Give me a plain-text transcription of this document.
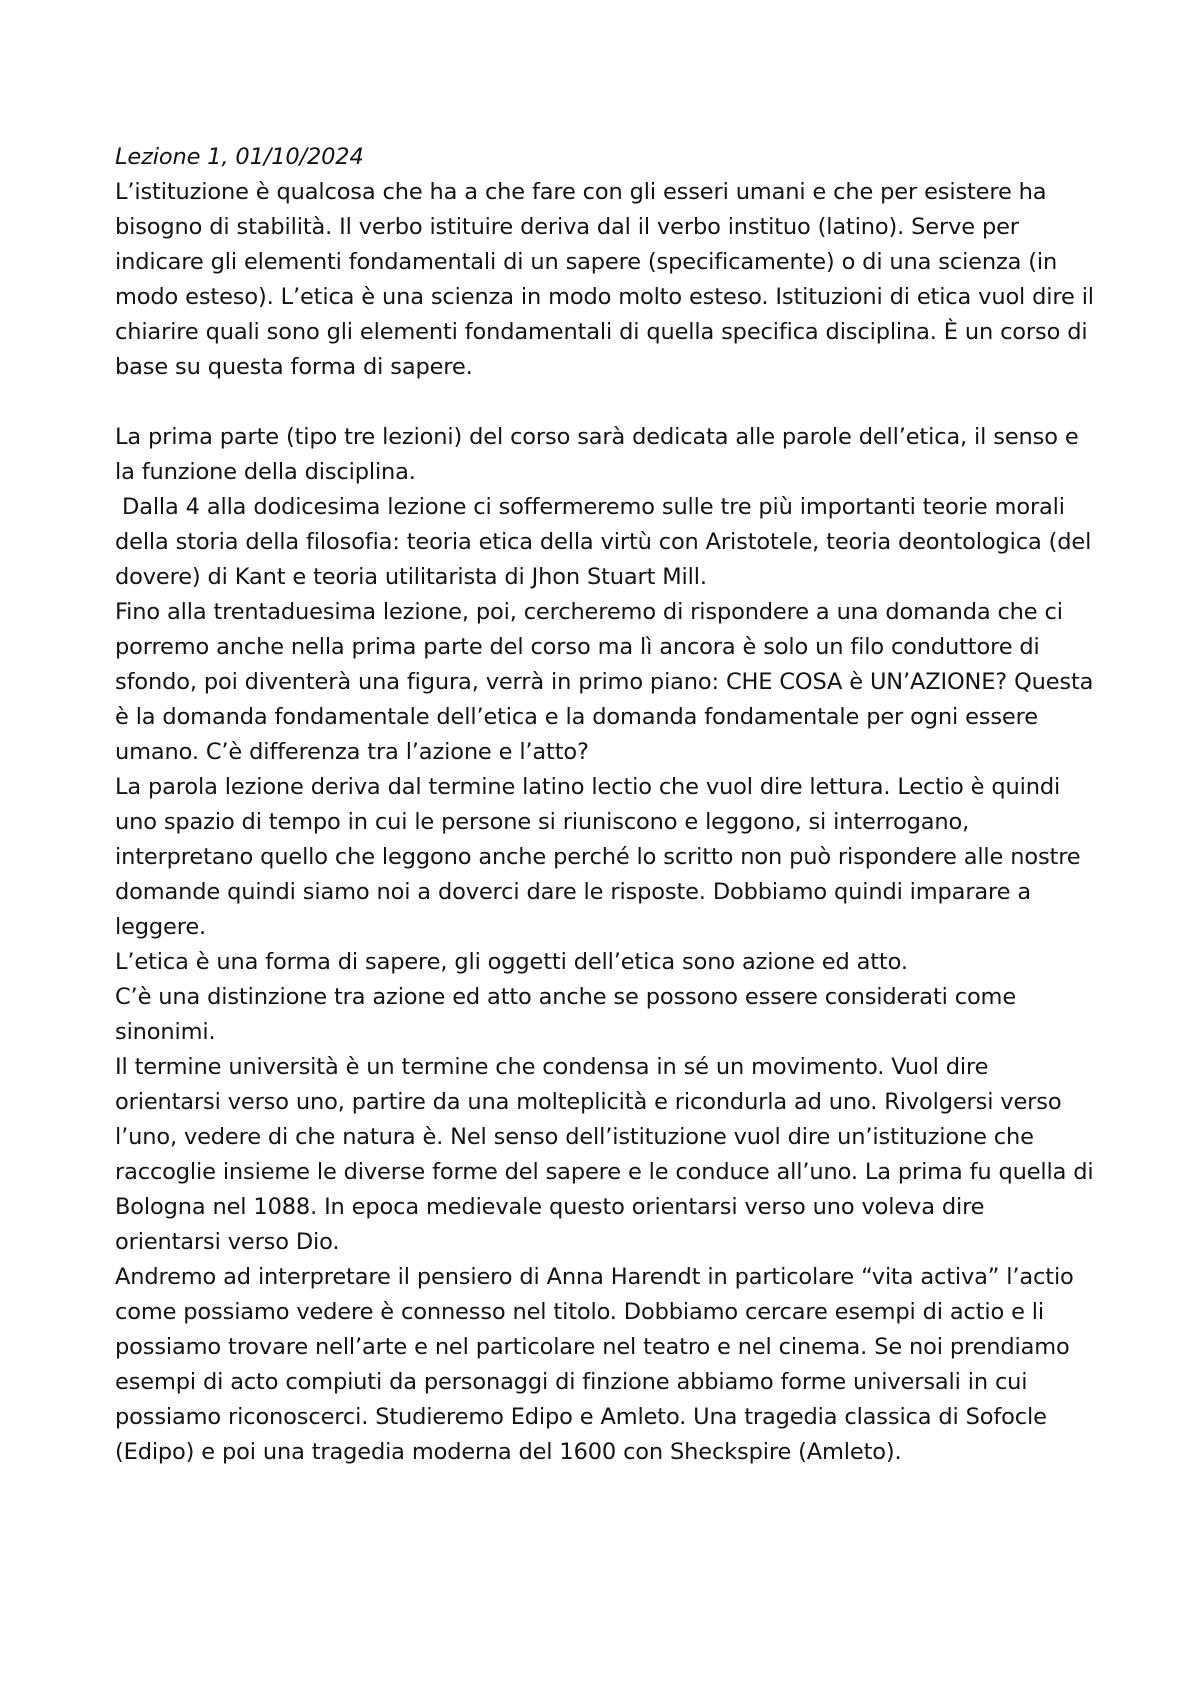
Lezione 1, 01/10/2024

L’istituzione è qualcosa che ha a che fare con gli esseri umani e che per esistere ha bisogno di stabilità. Il verbo istituire deriva dal il verbo instituo (latino). Serve per indicare gli elementi fondamentali di un sapere (specificamente) o di una scienza (in modo esteso). L’etica è una scienza in modo molto esteso. Istituzioni di etica vuol dire il chiarire quali sono gli elementi fondamentali di quella specifica disciplina. È un corso di base su questa forma di sapere.

La prima parte (tipo tre lezioni) del corso sarà dedicata alle parole dell’etica, il senso e la funzione della disciplina.

Dalla 4 alla dodicesima lezione ci soffermeremo sulle tre più importanti teorie morali della storia della filosofia: teoria etica della virtù con Aristotele, teoria deontologica (del dovere) di Kant e teoria utilitarista di Jhon Stuart Mill.

Fino alla trentaduesima lezione, poi, cercheremo di rispondere a una domanda che ci porremo anche nella prima parte del corso ma lì ancora è solo un filo conduttore di sfondo, poi diventerà una figura, verrà in primo piano: CHE COSA è UN’AZIONE? Questa è la domanda fondamentale dell’etica e la domanda fondamentale per ogni essere umano. C’è differenza tra l’azione e l’atto?

La parola lezione deriva dal termine latino lectio che vuol dire lettura. Lectio è quindi uno spazio di tempo in cui le persone si riuniscono e leggono, si interrogano, interpretano quello che leggono anche perché lo scritto non può rispondere alle nostre domande quindi siamo noi a doverci dare le risposte. Dobbiamo quindi imparare a leggere.

L’etica è una forma di sapere, gli oggetti dell’etica sono azione ed atto.

C’è una distinzione tra azione ed atto anche se possono essere considerati come sinonimi.

Il termine università è un termine che condensa in sé un movimento. Vuol dire orientarsi verso uno, partire da una molteplicità e ricondurla ad uno. Rivolgersi verso l’uno, vedere di che natura è. Nel senso dell’istituzione vuol dire un’istituzione che raccoglie insieme le diverse forme del sapere e le conduce all’uno. La prima fu quella di Bologna nel 1088. In epoca medievale questo orientarsi verso uno voleva dire orientarsi verso Dio.

Andremo ad interpretare il pensiero di Anna Harendt in particolare “vita activa” l’actio come possiamo vedere è connesso nel titolo. Dobbiamo cercare esempi di actio e li possiamo trovare nell’arte e nel particolare nel teatro e nel cinema. Se noi prendiamo esempi di acto compiuti da personaggi di finzione abbiamo forme universali in cui possiamo riconoscerci. Studieremo Edipo e Amleto. Una tragedia classica di Sofocle (Edipo) e poi una tragedia moderna del 1600 con Sheckspire (Amleto).
